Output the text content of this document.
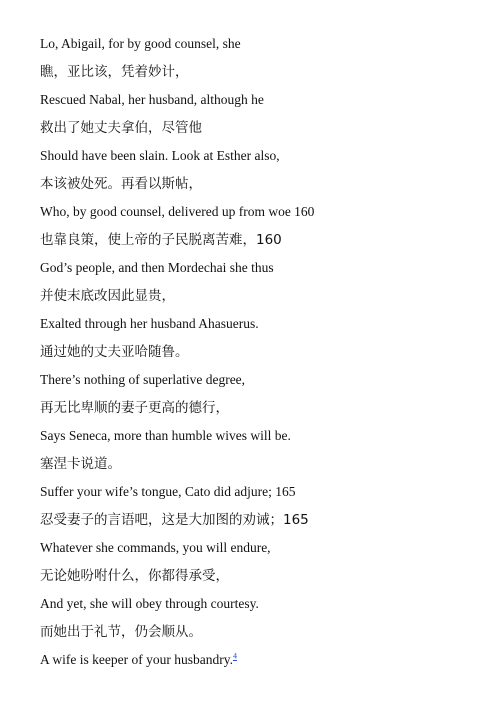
Lo, Abigail, for by good counsel, she
瞧，亚比该，凭着妙计，
Rescued Nabal, her husband, although he
救出了她丈夫拿伯，尽管他
Should have been slain. Look at Esther also,
本该被处死。再看以斯帖，
Who, by good counsel, delivered up from woe 160
也靠良策，使上帝的子民脱离苦难，160
God’s people, and then Mordechai she thus
并使末底改因此显贵，
Exalted through her husband Ahasuerus.
通过她的丈夫亚哈随鲁。
There’s nothing of superlative degree,
再无比卑顺的妻子更高的德行，
Says Seneca, more than humble wives will be.
塞涅卡说道。
Suffer your wife’s tongue, Cato did adjure; 165
忍受妻子的言语吧，这是大加图的劝诫；165
Whatever she commands, you will endure,
无论她吩咐什么，你都得承受，
And yet, she will obey through courtesy.
而她出于礼节，仍会顺从。
A wife is keeper of your husbandry.$^4$
